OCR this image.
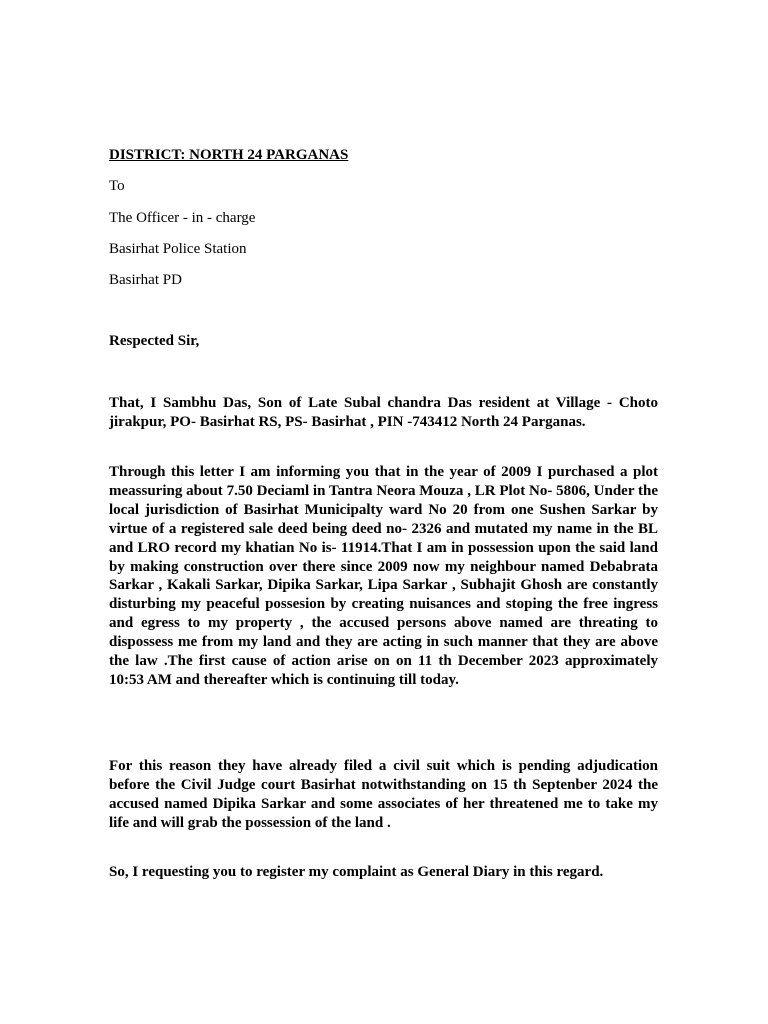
DISTRICT: NORTH 24 PARGANAS
To
The Officer - in - charge
Basirhat Police Station
Basirhat PD
Respected Sir,
That, I Sambhu Das, Son of Late Subal chandra Das resident at Village - Choto jirakpur, PO- Basirhat RS, PS- Basirhat , PIN -743412 North 24 Parganas.
Through this letter I am informing you that in the year of 2009 I purchased a plot meassuring about 7.50 Deciaml in Tantra Neora Mouza , LR Plot No- 5806, Under the local jurisdiction of Basirhat Municipalty ward No 20 from one Sushen Sarkar by virtue of a registered sale deed being deed no- 2326 and mutated my name in the BL and LRO record my khatian No is- 11914.That I am in possession upon the said land by making construction over there since 2009 now my neighbour named Debabrata Sarkar , Kakali Sarkar, Dipika Sarkar, Lipa Sarkar , Subhajit Ghosh are constantly disturbing my peaceful possesion by creating nuisances and stoping the free ingress and egress to my property , the accused persons above named are threating to dispossess me from my land and they are acting in such manner that they are above the law .The first cause of action arise on on 11 th December 2023 approximately 10:53 AM and thereafter which is continuing till today.
For this reason they have already filed a civil suit which is pending adjudication before the Civil Judge court Basirhat notwithstanding on 15 th Septenber 2024 the accused named Dipika Sarkar and some associates of her threatened me to take my life and will grab the possession of the land .
So, I requesting you to register my complaint as General Diary in this regard.
